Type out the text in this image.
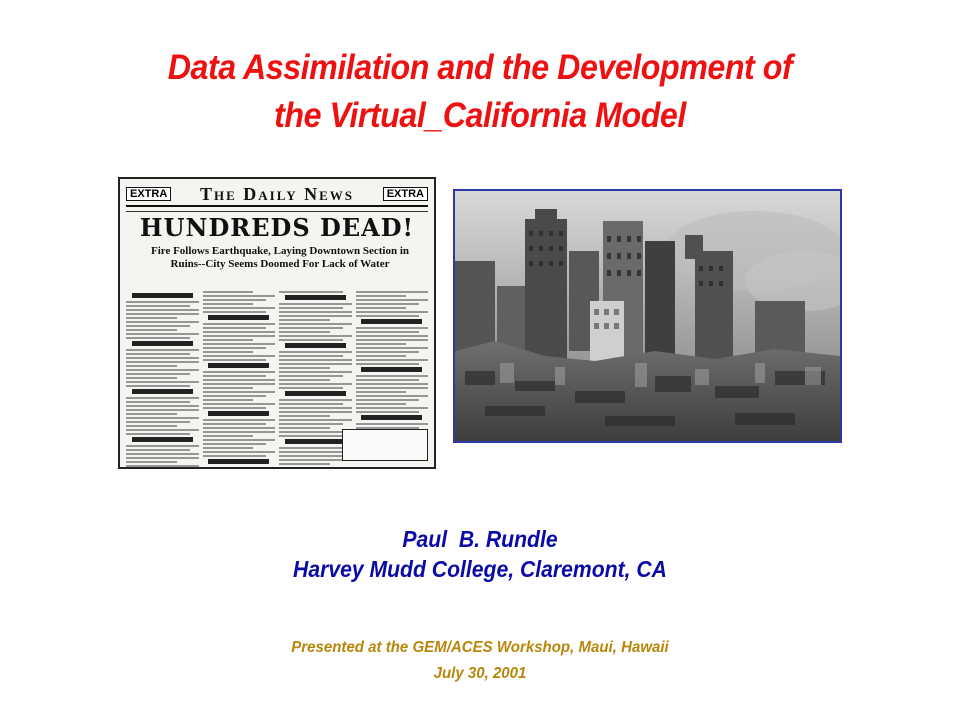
Data Assimilation and the Development of
the Virtual_California Model
EXTRA The Daily News	EXTRA
HUNDREDS DEAD!
Fire Follows Earthquake, Laying Downtown Section in Ruins--City Seems Doomed For Lack of Water
Paul  B. Rundle
Harvey Mudd College, Claremont, CA
Presented at the GEM/ACES Workshop, Maui, Hawaii
July 30, 2001
